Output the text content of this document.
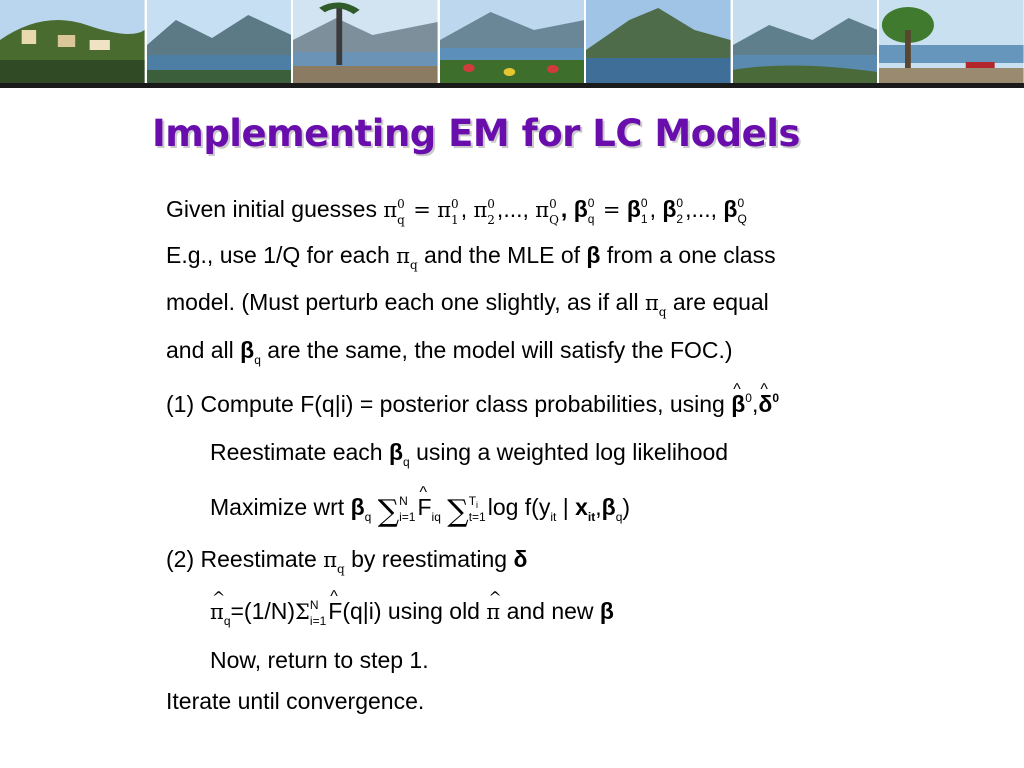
Implementing EM for LC Models
Given initial guesses π 0
q = π 0
1 , π 0
2 ,..., π 0
Q , β 0
q = β 0
1 , β 0
2 ,..., β 0
Q
E.g., use 1/Q for each $\pi_q$ and the MLE of β from a one class
model. (Must perturb each one slightly, as if all $\pi_q$ are equal
and all $\beta_q$ are the same, the model will satisfy the FOC.)
(1) Compute F(q|i) = posterior class probabilities, using ^ $\beta^0,\^{}$ $\delta^0$
Reestimate each $\beta_q$ using a weighted log likelihood
Maximize wrt $\beta_q$ ∑ N
i=1 ^ $F_{iq}$ ∑ $T_i$
t=1 $\log f(y_{it}$ | $x_{it},\beta_q$)
(2) Reestimate $\pi_q$ by reestimating δ
^ $\pi_q=(1/N)\Sigma$ N
i=1 ^ F(q|i) using old ^ π and new β
Now, return to step 1.
Iterate until convergence.
